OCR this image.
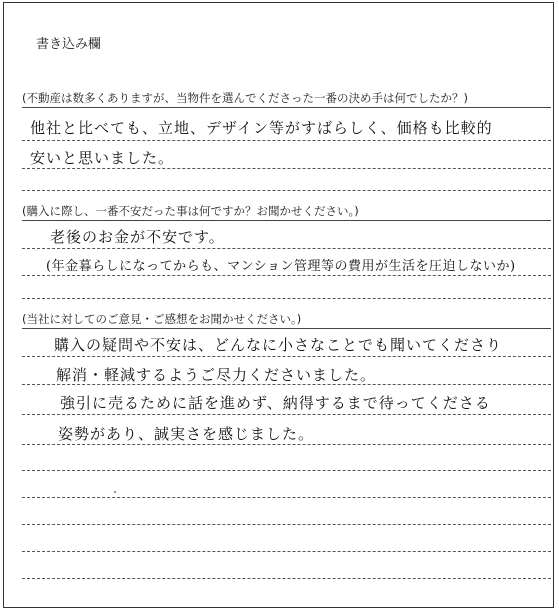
書き込み欄
(不動産は数多くありますが、当物件を選んでくださった一番の決め手は何でしたか？)
他社と比べても、立地、デザイン等がすばらしく、価格も比較的
安いと思いました。
(購入に際し、一番不安だった事は何ですか？お聞かせください。)
老後のお金が不安です。
(年金暮らしになってからも、マンション管理等の費用が生活を圧迫しないか)
(当社に対してのご意見・ご感想をお聞かせください。)
購入の疑問や不安は、どんなに小さなことでも聞いてくださり
解消・軽減するようご尽力くださいました。
強引に売るために話を進めず、納得するまで待ってくださる
姿勢があり、誠実さを感じました。
